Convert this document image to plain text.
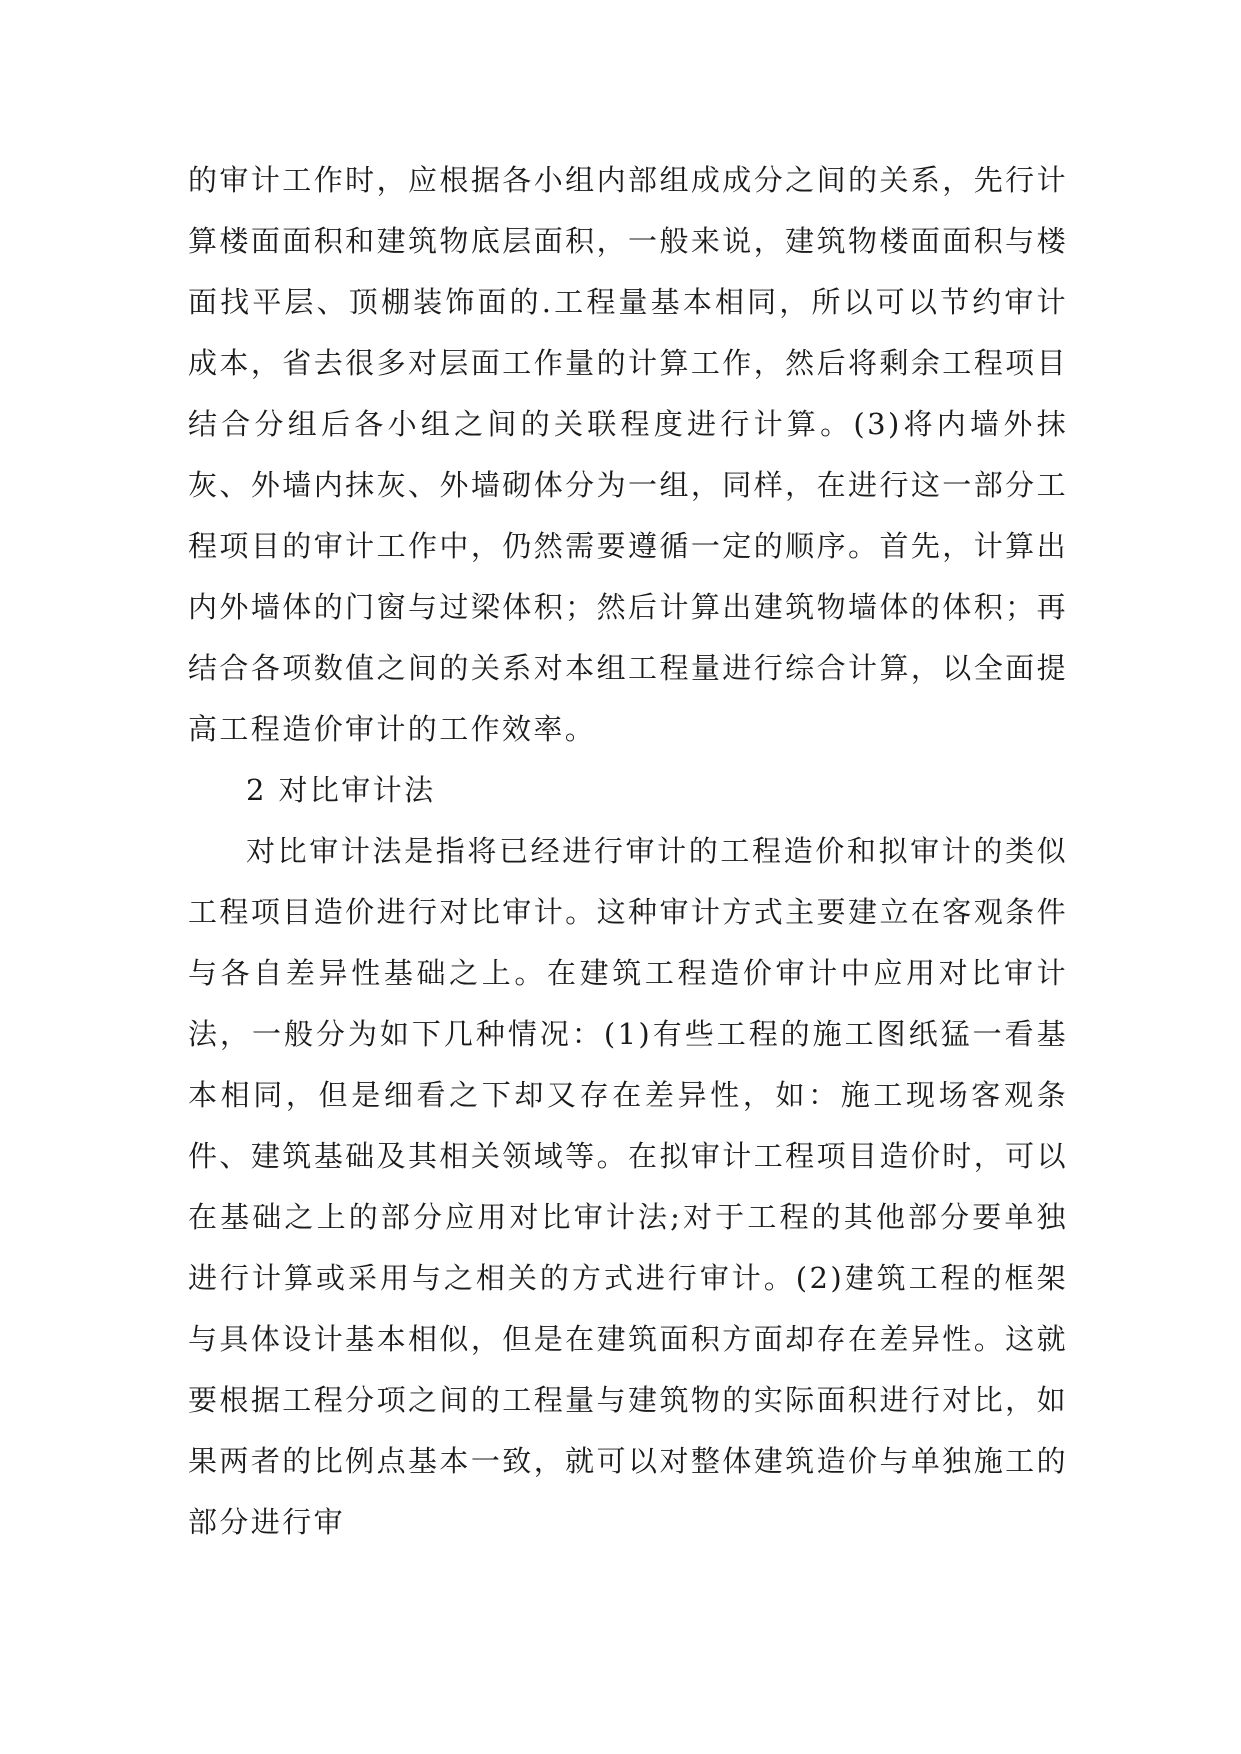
的审计工作时，应根据各小组内部组成成分之间的关系，先行计算楼面面积和建筑物底层面积，一般来说，建筑物楼面面积与楼面找平层、顶棚装饰面的.工程量基本相同，所以可以节约审计成本，省去很多对层面工作量的计算工作，然后将剩余工程项目结合分组后各小组之间的关联程度进行计算。(3)将内墙外抹灰、外墙内抹灰、外墙砌体分为一组，同样，在进行这一部分工程项目的审计工作中，仍然需要遵循一定的顺序。首先，计算出内外墙体的门窗与过梁体积；然后计算出建筑物墙体的体积；再结合各项数值之间的关系对本组工程量进行综合计算，以全面提高工程造价审计的工作效率。

2 对比审计法

对比审计法是指将已经进行审计的工程造价和拟审计的类似工程项目造价进行对比审计。这种审计方式主要建立在客观条件与各自差异性基础之上。在建筑工程造价审计中应用对比审计法，一般分为如下几种情况：(1)有些工程的施工图纸猛一看基本相同，但是细看之下却又存在差异性，如：施工现场客观条件、建筑基础及其相关领域等。在拟审计工程项目造价时，可以在基础之上的部分应用对比审计法;对于工程的其他部分要单独进行计算或采用与之相关的方式进行审计。(2)建筑工程的框架与具体设计基本相似，但是在建筑面积方面却存在差异性。这就要根据工程分项之间的工程量与建筑物的实际面积进行对比，如果两者的比例点基本一致，就可以对整体建筑造价与单独施工的部分进行审
